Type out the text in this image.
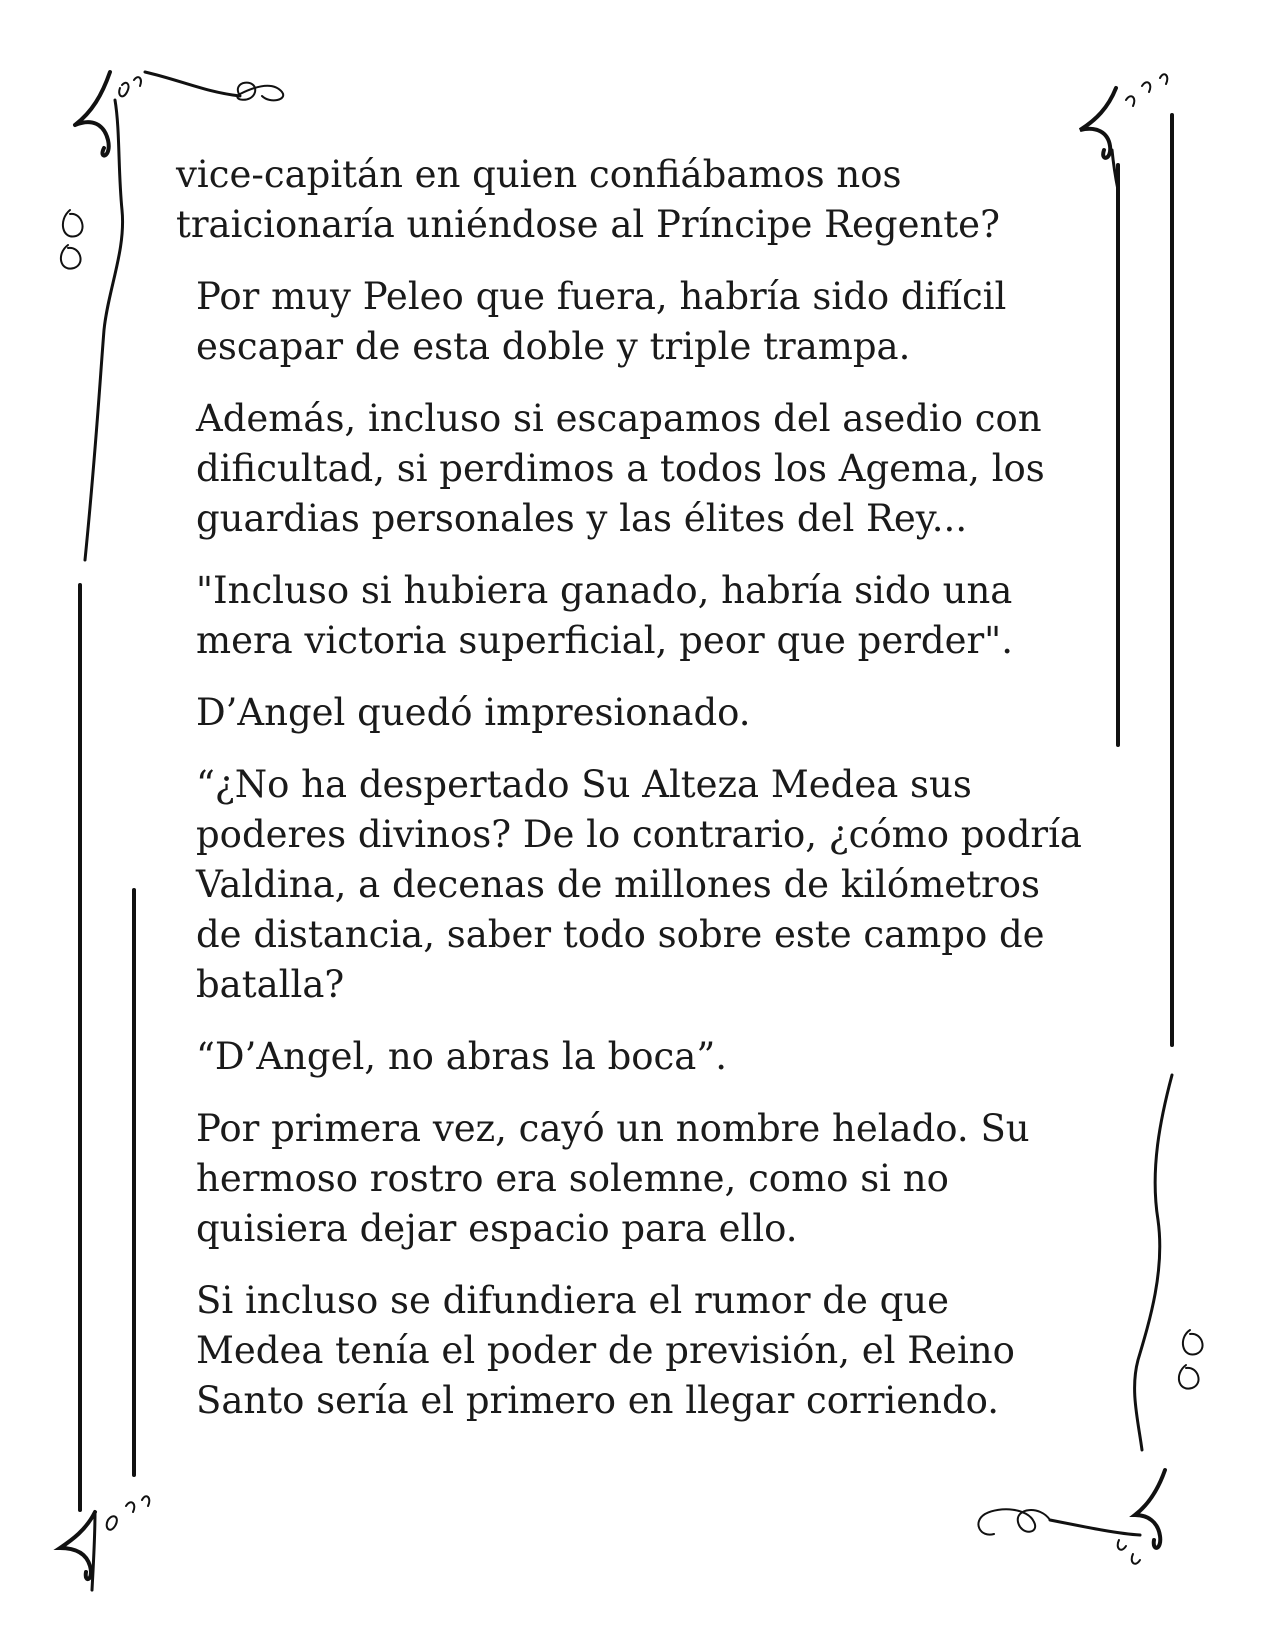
vice-capitán en quien confiábamos nos
traicionaría uniéndose al Príncipe Regente?

Por muy Peleo que fuera, habría sido difícil
escapar de esta doble y triple trampa.

Además, incluso si escapamos del asedio con
dificultad, si perdimos a todos los Agema, los
guardias personales y las élites del Rey...

"Incluso si hubiera ganado, habría sido una
mera victoria superficial, peor que perder".

D’Angel quedó impresionado.

“¿No ha despertado Su Alteza Medea sus
poderes divinos? De lo contrario, ¿cómo podría
Valdina, a decenas de millones de kilómetros
de distancia, saber todo sobre este campo de
batalla?

“D’Angel, no abras la boca”.

Por primera vez, cayó un nombre helado. Su
hermoso rostro era solemne, como si no
quisiera dejar espacio para ello.

Si incluso se difundiera el rumor de que
Medea tenía el poder de previsión, el Reino
Santo sería el primero en llegar corriendo.
